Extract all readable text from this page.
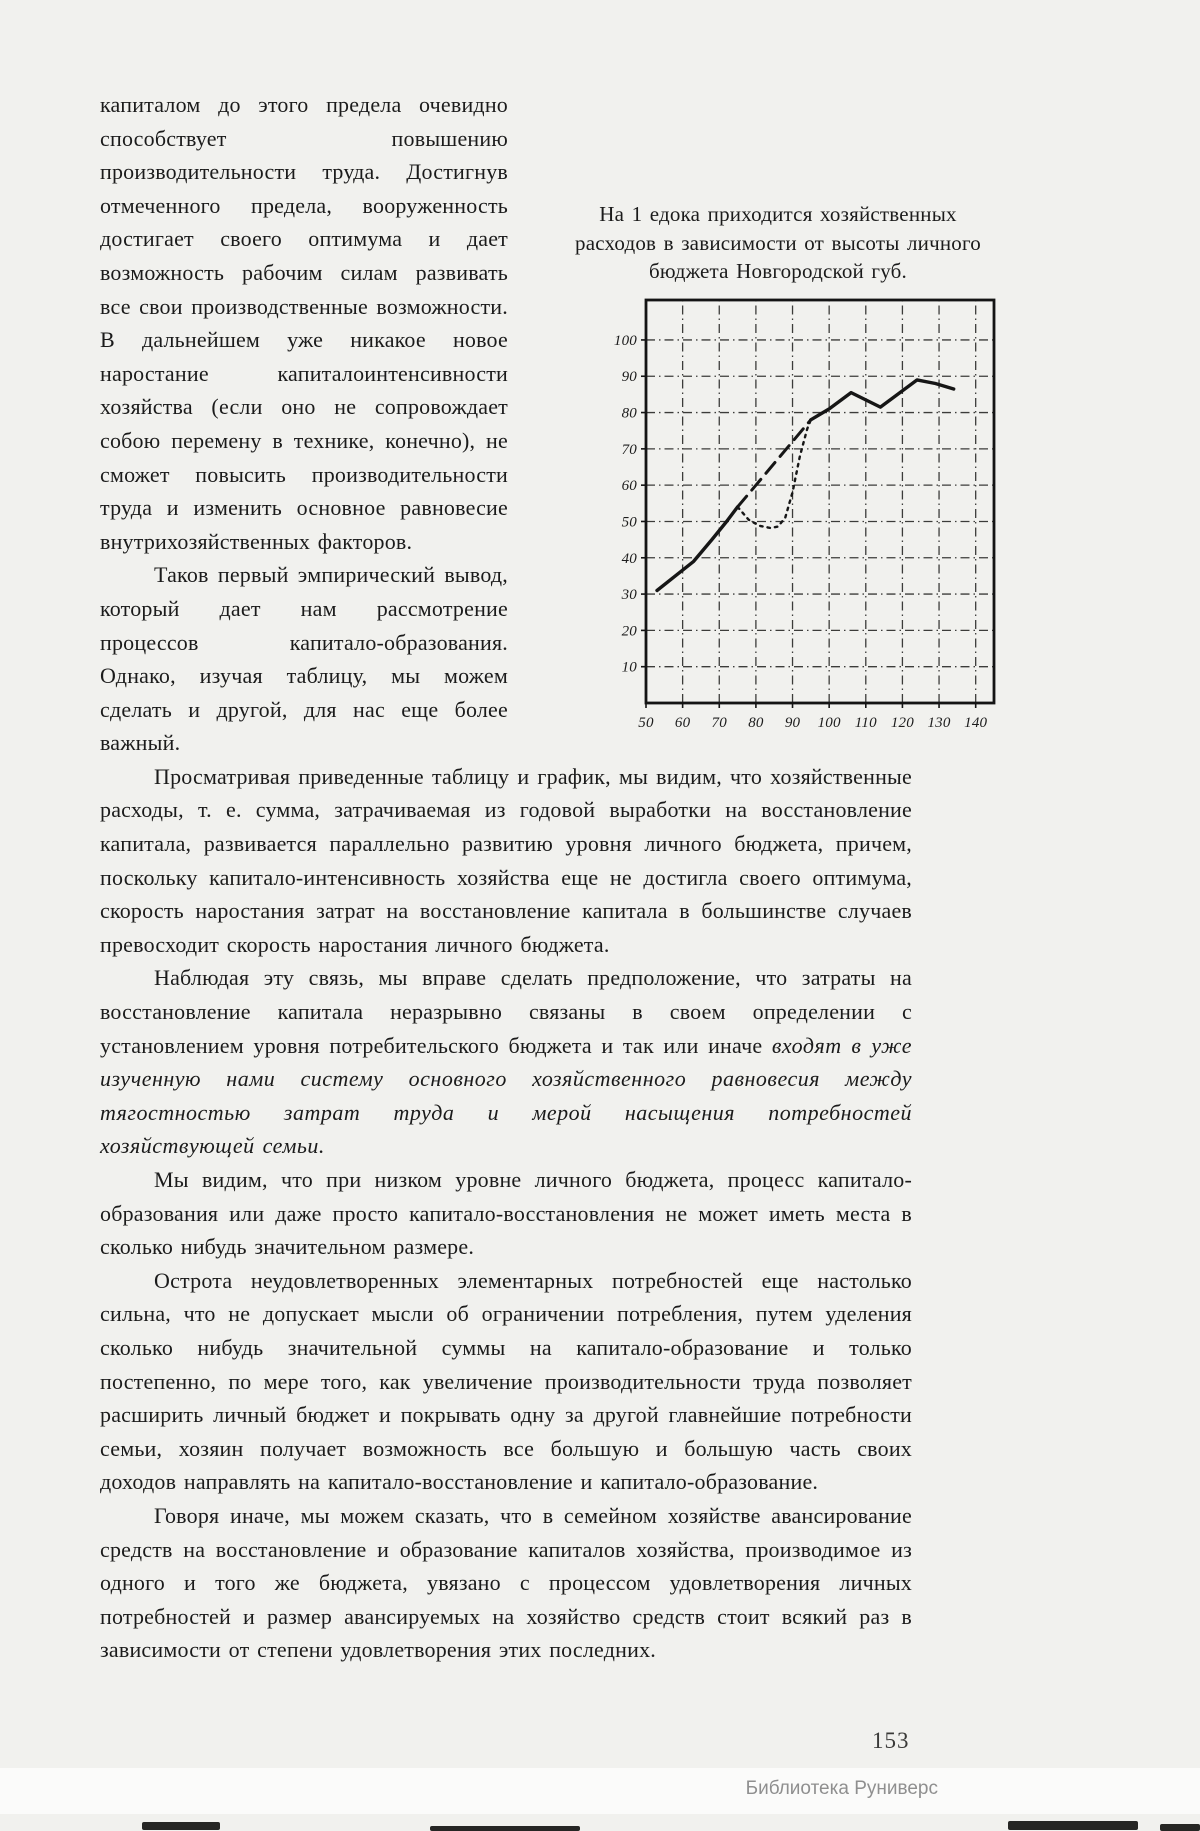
На 1 едока приходится хозяйственных расходов в зависимости от высоты личного бюджета Новгородской губ.
10
20
30
40
50
60
70
80
90
100
50 60 70 80 90 100 110 120 130 140
капиталом до этого предела очевидно способствует повышению производительности труда. Достигнув отмеченного предела, вооруженность достигает своего оптимума и дает возможность рабочим силам развивать все свои производственные возможности. В дальнейшем уже никакое новое наростание капиталоинтенсивности хозяйства (если оно не сопровождает собою перемену в технике, конечно), не сможет повысить производительности труда и изменить основное равновесие внутрихозяйственных факторов.
Таков первый эмпирический вывод, который дает нам рассмотрение процессов капитало-образования. Однако, изучая таблицу, мы можем сделать и другой, для нас еще более важный.
Просматривая приведенные таблицу и график, мы видим, что хозяйственные расходы, т. е. сумма, затрачиваемая из годовой выработки на восстановление капитала, развивается параллельно развитию уровня личного бюджета, причем, поскольку капитало-интенсивность хозяйства еще не достигла своего оптимума, скорость наростания затрат на восстановление капитала в большинстве случаев превосходит скорость наростания личного бюджета.
Наблюдая эту связь, мы вправе сделать предположение, что затраты на восстановление капитала неразрывно связаны в своем определении с установлением уровня потребительского бюджета и так или иначе входят в уже изученную нами систему основного хозяйственного равновесия между тягостностью затрат труда и мерой насыщения потребностей хозяйствующей семьи.
Мы видим, что при низком уровне личного бюджета, процесс капитало-образования или даже просто капитало-восстановления не может иметь места в сколько нибудь значительном размере.
Острота неудовлетворенных элементарных потребностей еще настолько сильна, что не допускает мысли об ограничении потребления, путем уделения сколько нибудь значительной суммы на капитало-образование и только постепенно, по мере того, как увеличение производительности труда позволяет расширить личный бюджет и покрывать одну за другой главнейшие потребности семьи, хозяин получает возможность все большую и большую часть своих доходов направлять на капитало-восстановление и капитало-образование.
Говоря иначе, мы можем сказать, что в семейном хозяйстве авансирование средств на восстановление и образование капиталов хозяйства, производимое из одного и того же бюджета, увязано с процессом удовлетворения личных потребностей и размер авансируемых на хозяйство средств стоит всякий раз в зависимости от степени удовлетворения этих последних.
153
Библиотека Руниверс
